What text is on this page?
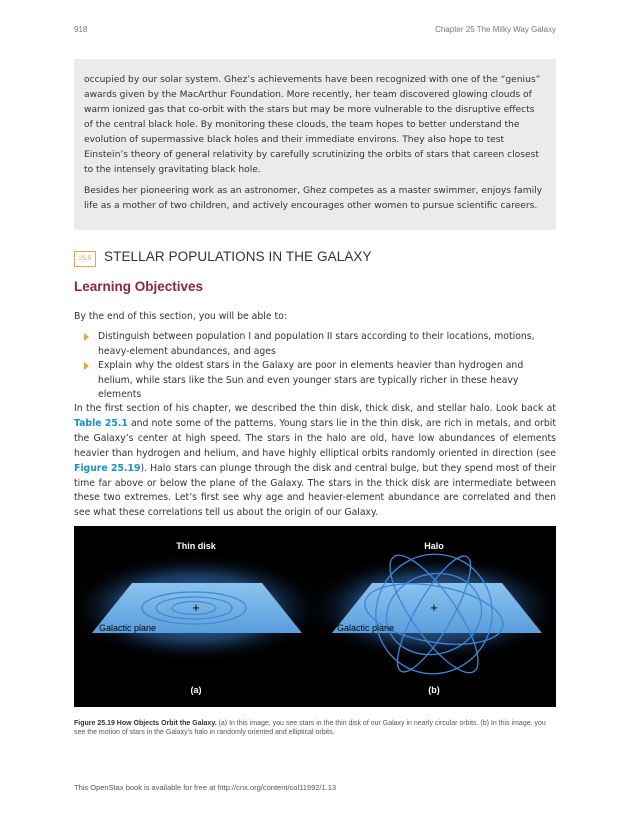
918	Chapter 25 The Milky Way Galaxy

occupied by our solar system. Ghez’s achievements have been recognized with one of the “genius” awards given by the MacArthur Foundation. More recently, her team discovered glowing clouds of warm ionized gas that co-orbit with the stars but may be more vulnerable to the disruptive effects of the central black hole. By monitoring these clouds, the team hopes to better understand the evolution of supermassive black holes and their immediate environs. They also hope to test Einstein’s theory of general relativity by carefully scrutinizing the orbits of stars that careen closest to the intensely gravitating black hole.

Besides her pioneering work as an astronomer, Ghez competes as a master swimmer, enjoys family life as a mother of two children, and actively encourages other women to pursue scientific careers.

25.5 STELLAR POPULATIONS IN THE GALAXY
Learning Objectives
By the end of this section, you will be able to:
Distinguish between population I and population II stars according to their locations, motions, heavy-element abundances, and ages
Explain why the oldest stars in the Galaxy are poor in elements heavier than hydrogen and helium, while stars like the Sun and even younger stars are typically richer in these heavy elements

In the first section of his chapter, we described the thin disk, thick disk, and stellar halo. Look back at Table 25.1 and note some of the patterns. Young stars lie in the thin disk, are rich in metals, and orbit the Galaxy’s center at high speed. The stars in the halo are old, have low abundances of elements heavier than hydrogen and helium, and have highly elliptical orbits randomly oriented in direction (see Figure 25.19). Halo stars can plunge through the disk and central bulge, but they spend most of their time far above or below the plane of the Galaxy. The stars in the thick disk are intermediate between these two extremes. Let’s first see why age and heavier-element abundance are correlated and then see what these correlations tell us about the origin of our Galaxy.

+
Thin disk
Galactic plane
(a)
+
Halo
Galactic plane
(b)
Figure 25.19 How Objects Orbit the Galaxy. (a) In this image, you see stars in the thin disk of our Galaxy in nearly circular orbits. (b) In this image, you see the motion of stars in the Galaxy’s halo in randomly oriented and elliptical orbits.
This OpenStax book is available for free at http://cnx.org/content/col11992/1.13
